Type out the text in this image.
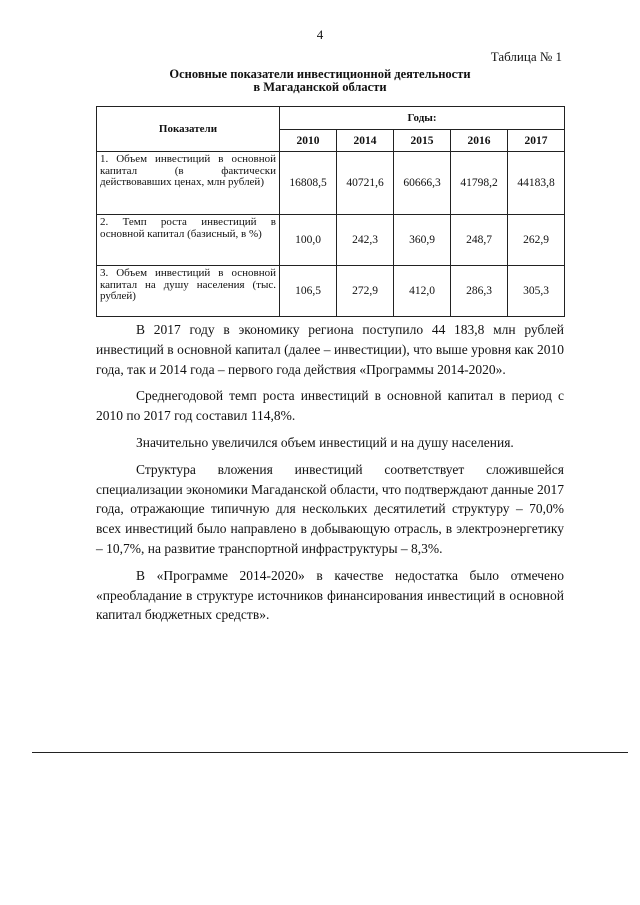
4
Таблица № 1
Основные показатели инвестиционной деятельности
в Магаданской области
Показатели	Годы:				
	2010	2014	2015	2016	2017
1. Объем инвестиций в основной капитал (в фактически действовавших ценах, млн рублей)	16808,5	40721,6	60666,3	41798,2	44183,8
2. Темп роста инвестиций в основной капитал (базисный, в %)	100,0	242,3	360,9	248,7	262,9
3. Объем инвестиций в основной капитал на душу населения (тыс. рублей)	106,5	272,9	412,0	286,3	305,3

В 2017 году в экономику региона поступило 44 183,8 млн рублей инвестиций в основной капитал (далее – инвестиции), что выше уровня как 2010 года, так и 2014 года – первого года действия «Программы 2014-2020».

Среднегодовой темп роста инвестиций в основной капитал в период с 2010 по 2017 год составил 114,8%.

Значительно увеличился объем инвестиций и на душу населения.

Структура вложения инвестиций соответствует сложившейся специализации экономики Магаданской области, что подтверждают данные 2017 года, отражающие типичную для нескольких десятилетий структуру – 70,0% всех инвестиций было направлено в добывающую отрасль, в электроэнергетику – 10,7%, на развитие транспортной инфраструктуры – 8,3%.

В «Программе 2014-2020» в качестве недостатка было отмечено «преобладание в структуре источников финансирования инвестиций в основной капитал бюджетных средств».
